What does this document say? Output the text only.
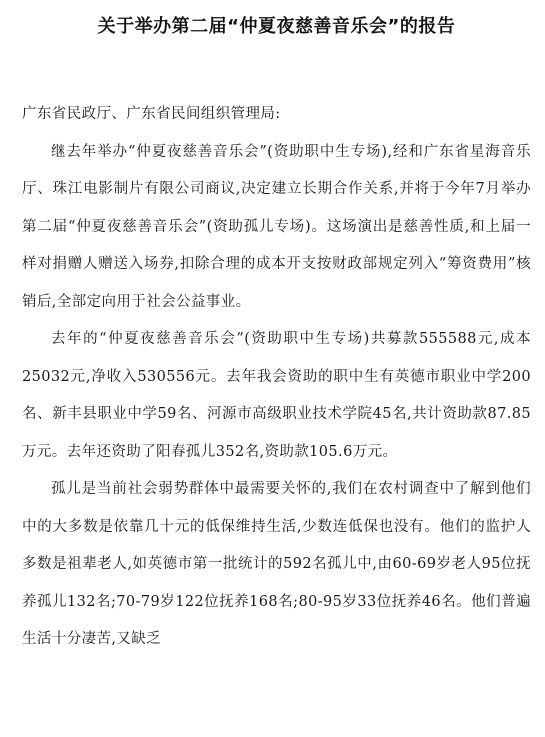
关于举办第二届“仲夏夜慈善音乐会”的报告

广东省民政厅、广东省民间组织管理局:

继去年举办“仲夏夜慈善音乐会”(资助职中生专场),经和广东省星海音乐厅、珠江电影制片有限公司商议,决定建立长期合作关系,并将于今年7月举办第二届“仲夏夜慈善音乐会”(资助孤儿专场)。这场演出是慈善性质,和上届一样对捐赠人赠送入场券,扣除合理的成本开支按财政部规定列入“筹资费用”核销后,全部定向用于社会公益事业。

去年的“仲夏夜慈善音乐会”(资助职中生专场)共募款555588元,成本25032元,净收入530556元。去年我会资助的职中生有英德市职业中学200名、新丰县职业中学59名、河源市高级职业技术学院45名,共计资助款87.85万元。去年还资助了阳春孤儿352名,资助款105.6万元。

孤儿是当前社会弱势群体中最需要关怀的,我们在农村调查中了解到他们中的大多数是依靠几十元的低保维持生活,少数连低保也没有。他们的监护人多数是祖辈老人,如英德市第一批统计的592名孤儿中,由60-69岁老人95位抚养孤儿132名;70-79岁122位抚养168名;80-95岁33位抚养46名。他们普遍生活十分凄苦,又缺乏
